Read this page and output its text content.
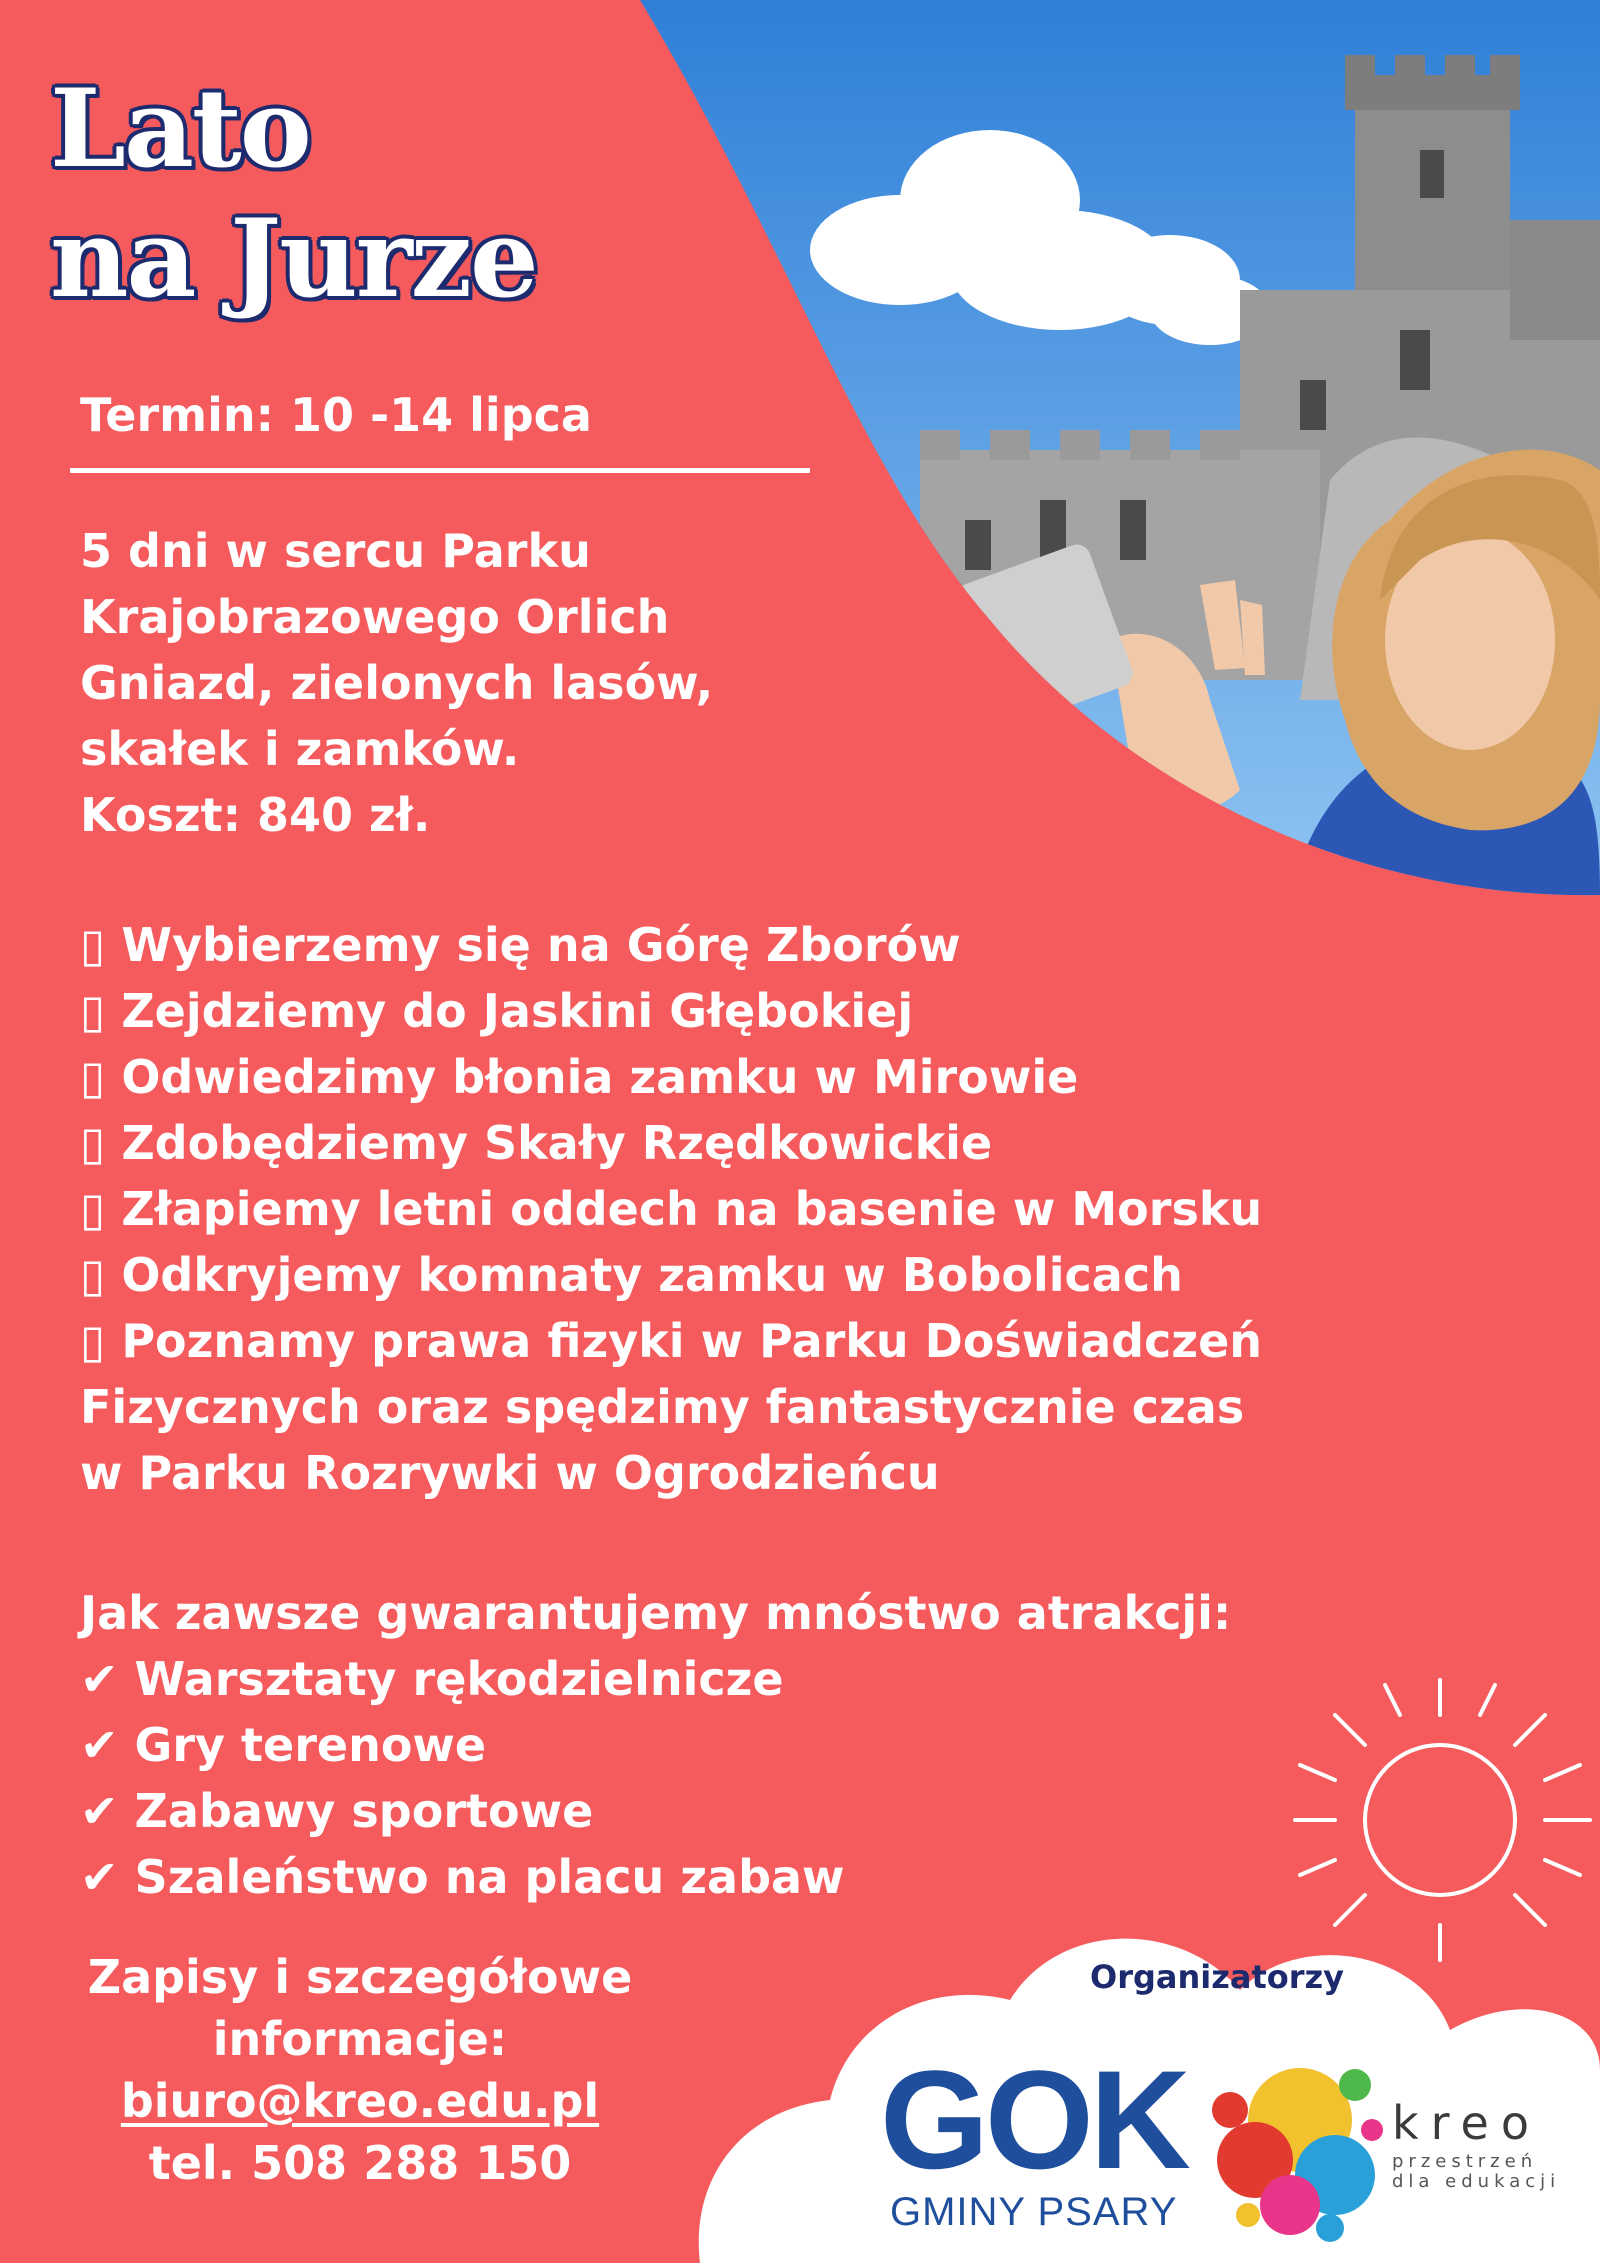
Lato
na Jurze
Termin: 10 -14 lipca
5 dni w sercu Parku
Krajobrazowego Orlich
Gniazd, zielonych lasów,
skałek i zamków.
Koszt: 840 zł.
▯ Wybierzemy się na Górę Zborów
▯ Zejdziemy do Jaskini Głębokiej
▯ Odwiedzimy błonia zamku w Mirowie
▯ Zdobędziemy Skały Rzędkowickie
▯ Złapiemy letni oddech na basenie w Morsku
▯ Odkryjemy komnaty zamku w Bobolicach
▯ Poznamy prawa fizyki w Parku Doświadczeń
Fizycznych oraz spędzimy fantastycznie czas
w Parku Rozrywki w Ogrodzieńcu
Jak zawsze gwarantujemy mnóstwo atrakcji:
✔ Warsztaty rękodzielnicze
✔ Gry terenowe
✔ Zabawy sportowe
✔ Szaleństwo na placu zabaw
Zapisy i szczegółowe
informacje:
biuro@kreo.edu.pl
tel. 508 288 150
Organizatorzy
GOK
GMINY PSARY
kreo
przestrzeń
dla edukacji
